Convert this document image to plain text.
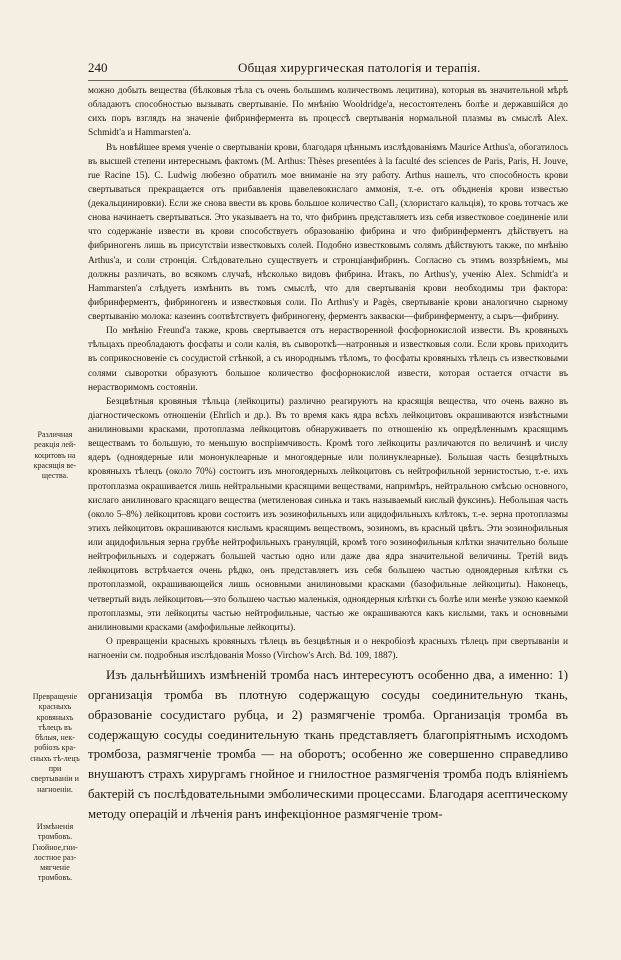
240	Общая хирургическая патологія и терапія.
Различная реакція лей-коцитовъ на красящія ве-щества.
Превращеніе красныхъ кровяныхъ тѣлецъ въ бѣлыя, нек-робіозъ кра-сныхъ тѣ-лецъ при свертываніи и нагноеніи.
Измѣненія тромбовъ. Гнойное,гни-лостное раз-мягченіе тромбовъ.

можно добыть вещества (бѣлковыя тѣла съ очень большимъ количествомъ лецитина), которыя въ значительной мѣрѣ обладаютъ способностью вызывать свертываніе. По мнѣнію Wooldridge'a, несостоятеленъ болѣе и державшійся до сихъ поръ взглядъ на значеніе фибринферментa въ процессѣ свертыванія нормальной плазмы въ смыслѣ Alex. Schmidt'a и Hammarsten'a.

Въ новѣйшее время ученіе о свертываніи крови, благодаря цѣннымъ изслѣдованіямъ Maurice Arthus'a, обогатилось въ высшей степени интереснымъ фактомъ (M. Arthus: Thèses presentées à la faculté des sciences de Paris, Paris, H. Jouve, rue Racine 15). C. Ludwig любезно обратилъ мое вниманіе на эту работу. Arthus нашелъ, что способность крови свертываться прекращается отъ прибавленія щавелевокислаго аммонія, т.-е. отъ объдненія крови известью (декальцинировки). Если же снова ввести въ кровь большое количество CaIl₂ (хлористаго кальція), то кровь тотчасъ же снова начинаетъ свертываться. Это указываетъ на то, что фибринъ представляетъ изъ себя известковое соединеніе или что содержаніе извести въ крови способствуетъ образованію фибрина и что фибринферментъ дѣйствуетъ на фибриногенъ лишь въ присутствіи известковыхъ солей. Подобно известковымъ солямъ дѣйствуютъ также, по мнѣнію Arthus'a, и соли стронція. Слѣдовательно существуетъ и стронціанфибринъ. Согласно съ этимъ воззрѣніемъ, мы должны различать, во всякомъ случаѣ, нѣсколько видовъ фибрина. Итакъ, по Arthus'y, ученію Alex. Schmidt'a и Hammarsten'a слѣдуетъ измѣнить въ томъ смыслѣ, что для свертыванія крови необходимы три фактора: фибринферментъ, фибриногенъ и известковыя соли. По Arthus'y и Pagès, свертываніе крови аналогично сырному свертыванію молока: казеинъ соотвѣтствуетъ фибриногену, ферментъ закваски—фибринферменту, а сыръ—фибрину.

По мнѣнію Freund'a также, кровь свертывается отъ нерастворенной фосфорнокислой извести. Въ кровяныхъ тѣльцахъ преобладаютъ фосфаты и соли калія, въ сывороткѣ—натронныя и известковыя соли. Если кровь приходитъ въ соприкосновеніе съ сосудистой стѣнкой, а съ инороднымъ тѣломъ, то фосфаты кровяныхъ тѣлецъ съ известковыми солями сыворотки образуютъ большое количество фосфорнокислой извести, которая остается отчасти въ нерастворимомъ состояніи.

Безцвѣтныя кровяныя тѣльца (лейкоциты) различно реагируютъ на красящія вещества, что очень важно въ діагностическомъ отношеніи (Ehrlich и др.). Въ то время какъ ядра всѣхъ лейкоцитовъ окрашиваются извѣстными анилиновыми красками, протоплазма лейкоцитовъ обнаруживаетъ по отношенію къ опредѣленнымъ красящимъ веществамъ то большую, то меньшую воспріимчивость. Кромѣ того лейкоциты различаются по величинѣ и числу ядеръ (одноядерные или мононуклеарные и многоядерные или полинуклеарные). Большая часть безцвѣтныхъ кровяныхъ тѣлецъ (около 70%) состоитъ изъ многоядерныхъ лейкоцитовъ съ нейтрофильной зернистостью, т.-е. ихъ протоплазма окрашивается лишь нейтральными красящими веществами, напримѣръ, нейтральною смѣсью основного, кислаго анилиноваго красящаго вещества (метиленовая синька и такъ называемый кислый фуксинъ). Небольшая часть (около 5–8%) лейкоцитовъ крови состоитъ изъ эозинофильныхъ или ацидофильныхъ клѣтокъ, т.-е. зерна протоплазмы этихъ лейкоцитовъ окрашиваются кислымъ красящимъ веществомъ, эозиномъ, въ красный цвѣтъ. Эти эозинофильныя или ацидофильныя зерна грубѣе нейтрофильныхъ грануляцій, кромѣ того эозинофильныя клѣтки значительно больше нейтрофильныхъ и содержатъ большей частью одно или даже два ядра значительной величины. Третій видъ лейкоцитовъ встрѣчается очень рѣдко, онъ представляетъ изъ себя большею частью одноядерныя клѣтки съ протоплазмой, окрашивающейся лишь основными анилиновыми красками (базофильные лейкоциты). Наконецъ, четвертый видъ лейкоцитовъ—это большею частью маленькія, одноядерныя клѣтки съ болѣе или менѣе узкою каемкой протоплазмы, эти лейкоциты частью нейтрофильные, частью же окрашиваются какъ кислыми, такъ и основными анилиновыми красками (амфофильные лейкоциты).

О превращеніи красныхъ кровяныхъ тѣлецъ въ безцвѣтныя и о некробіозѣ красныхъ тѣлецъ при свертываніи и нагноеніи см. подробныя изслѣдованія Mosso (Virchow's Arch. Bd. 109, 1887).

Изъ дальнѣйшихъ измѣненій тромба насъ интересуютъ особенно два, а именно: 1) организація тромба въ плотную содержащую сосуды соединительную ткань, образованіе сосудистаго рубца, и 2) размягченіе тромба. Организація тромба въ содержащую сосуды соединительную ткань представляетъ благопріятнымъ исходомъ тромбоза, размягченіе тромба — на оборотъ; особенно же совершенно справедливо внушаютъ страхъ хирургамъ гнойное и гнилостное размягченія тромба подъ вліяніемъ бактерій съ послѣдовательными эмболическими процессами. Благодаря асептическому методу операцій и лѣченія ранъ инфекціонное размягченіе тром-
